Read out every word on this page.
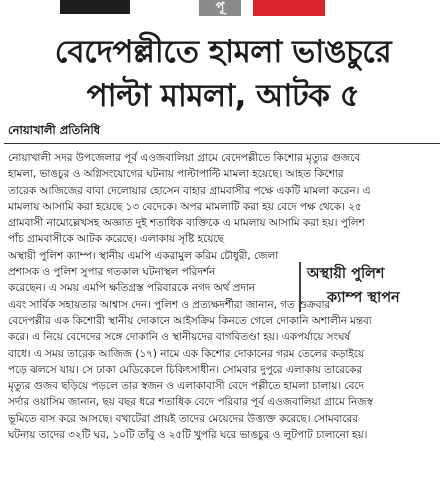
পূ
বেদেপল্লীতে হামলা ভাঙচুরে
পাল্টা মামলা, আটক ৫
নোয়াখালী প্রতিনিধি
নোয়াখালী সদর উপজেলার পূর্ব এওজবালিয়া গ্রামে বেদেপল্লীতে কিশোর মৃত্যুর গুজবে
হামলা, ভাঙচুর ও অগ্নিসংযোগের ঘটনায় পাল্টাপাল্টি মামলা হয়েছে। আহত কিশোর
তারেক আজিজের বাবা দেলোয়ার হোসেন বাহার গ্রামবাসীর পক্ষে একটি মামলা করেন। এ
মামলায় আসামি করা হয়েছে ১৩ বেদেকে। অপর মামলাটি করা হয় বেদে পক্ষ থেকে। ২৫
গ্রামবাসী নামোল্লেখসহ অজ্ঞাত দুই শতাধিক ব্যক্তিকে এ মামলায় আসামি করা হয়। পুলিশ
পাঁচ গ্রামবাসীকে আটক করেছে। এলাকায় সৃষ্টি হয়েছে
অস্থায়ী পুলিশ ক্যাম্প। স্থানীয় এমপি একরামুল করিম চৌধুরী, জেলা
প্রশাসক ও পুলিশ সুপার গতকাল ঘটনাস্থল পরিদর্শন
করেছেন। এ সময় এমপি ক্ষতিগ্রস্ত পরিবারকে নগদ অর্থ প্রদান
এবং সার্বিক সহায়তার আশ্বাস দেন। পুলিশ ও প্রত্যক্ষদর্শীরা জানান, গত শুক্রবার
বেদেপল্লীর এক কিশোরী স্থানীয় দোকানে আইসক্রিম কিনতে গেলে দোকানি অশালীন মন্তব্য
করে। এ নিয়ে বেদেদের সঙ্গে দোকানি ও স্থানীয়দের বাগবিতণ্ডা হয়। একপর্যায়ে সংঘর্ষ
বাধে। এ সময় তারেক আজিজ (১৭) নামে এক কিশোর দোকানের গরম তেলের কড়াইয়ে
পড়ে ঝলসে যায়। সে ঢাকা মেডিকেলে চিকিৎসাধীন। সোমবার দুপুরে এলাকায় তারেকের
মৃত্যুর গুজব ছড়িয়ে পড়লে তার স্বজন ও এলাকাবাসী বেদে পল্লীতে হামলা চালায়। বেদে
সর্দার ওয়াসিম জানান, ছয় বছর ধরে শতাধিক বেদে পরিবার পূর্ব এওজবালিয়া গ্রামে নিজস্ব
ভূমিতে বাস করে আসছে। বখাটেরা প্রায়ই তাদের মেয়েদের উত্ত্যক্ত করেছে। সোমবারের
ঘটনায় তাদের ৩২টি ঘর, ১০টি তাঁবু ও ২৫টি খুপরি ঘরে ভাঙচুর ও লুটপাট চালানো হয়।
অস্থায়ী পুলিশ
ক্যাম্প স্থাপন
